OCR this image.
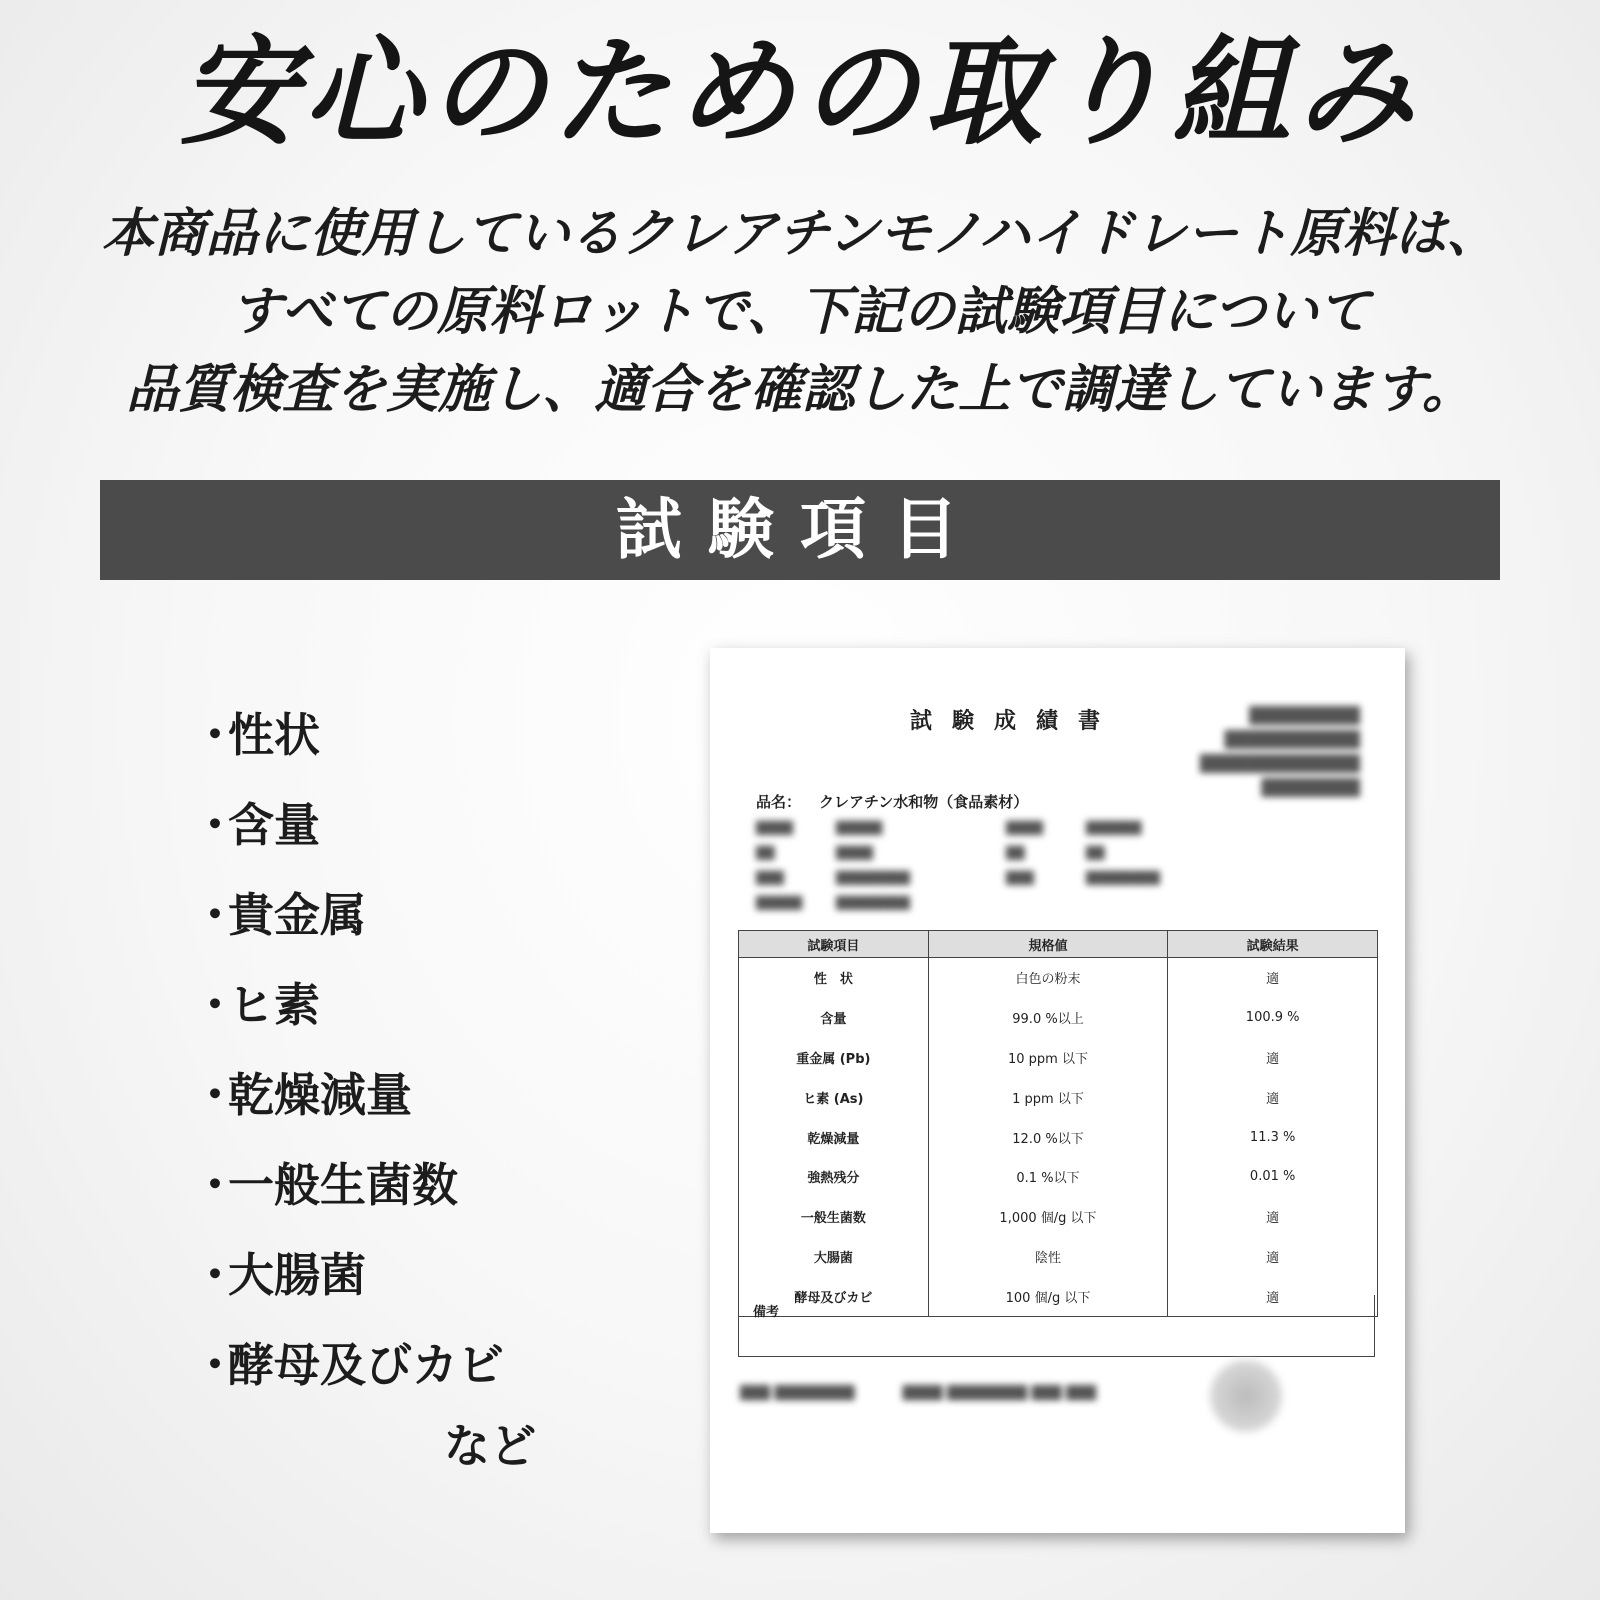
安心のための取り組み
本商品に使用しているクレアチンモノハイドレート原料は、
すべての原料ロットで、下記の試験項目について
品質検査を実施し、適合を確認した上で調達しています。
試験項目
・性状
・含量
・貴金属
・ヒ素
・乾燥減量
・一般生菌数
・大腸菌
・酵母及びカビ
など
試験成績書	█████████
███████████
█████████████
████████
品名： クレアチン水和物（食品素材）
████	█████	████	██████
██	████	██	██
███	████████	███	████████
█████	████████
試験項目	規格値	試験結果
性　状	白色の粉末	適
含量	99.0 %以上	100.9 %
重金属 (Pb)	10 ppm 以下	適
ヒ素 (As)	1 ppm 以下	適
乾燥減量	12.0 %以下	11.3 %
強熱残分	0.1 %以下	0.01 %
一般生菌数	1,000 個/g 以下	適
大腸菌	陰性	適
酵母及びカビ	100 個/g 以下	適
備考
███ ████████	████ ████████ ███ ███
